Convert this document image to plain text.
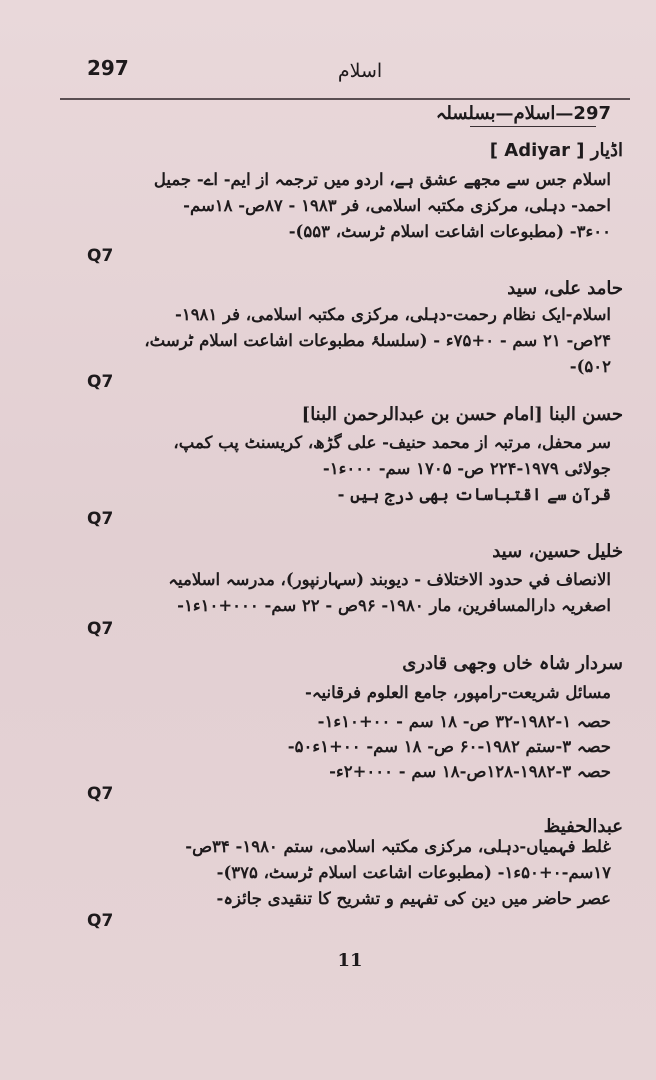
297	اسلام
297—اسلام—بسلسلہ
اڈیار [ Adiyar ]
اسلام جس سے مجھے عشق ہے، اردو میں ترجمہ از ایم- اے- جمیل
احمد- دہلی، مرکزی مکتبہ اسلامی، فر ۱۹۸۳ - ۸۷ص- ۱۸سم-
۰۰ء۳- (مطبوعات اشاعت اسلام ٹرسٹ، ۵۵۳)-
Q7
حامد علی، سید
اسلام-ایک نظام رحمت-دہلی، مرکزی مکتبہ اسلامی، فر ۱۹۸۱-
۲۴ص- ۲۱ سم - ۰+۷۵ء - (سلسلۂ مطبوعات اشاعت اسلام ٹرسٹ،
۵۰۲)-
Q7
حسن البنا [امام حسن بن عبدالرحمن البنا]
سر محفل، مرتبہ از محمد حنیف- علی گڑھ، کریسنٹ پب کمپ،
جولائی ۱۹۷۹-۲۲۴ ص- ۱۷۰۵ سم- ۰۰۰ء۱-
قرآن سے اقتباسات بھی درج ہیں -
Q7
خلیل حسین، سید
الانصاف في حدود الاختلاف - دیوبند (سہارنپور)، مدرسہ اسلامیہ
اصغریہ دارالمسافرین، مار ۱۹۸۰- ۹۶ص - ۲۲ سم- ۰۰۰+۱۰ء۱-
Q7
سردار شاہ خاں وجھی قادری
مسائل شریعت-رامپور، جامع العلوم فرقانیہ-
حصہ ۱-۱۹۸۲-۳۲ ص- ۱۸ سم - ۰۰+۱۰ء۱-
حصہ ۳-ستم ۱۹۸۲-۶۰ ص- ۱۸ سم- ۰۰+۱ء۵۰-
حصہ ۳-۱۹۸۲-۱۲۸ص-۱۸ سم - ۰۰۰+۲ء-
Q7
عبدالحفیظ
غلط فہمیاں-دہلی، مرکزی مکتبہ اسلامی، ستم ۱۹۸۰- ۳۴ص-
۱۷سم-۰+۵۰ء۱- (مطبوعات اشاعت اسلام ٹرسٹ، ۳۷۵)-
عصر حاضر میں دین کی تفہیم و تشریح کا تنقیدی جائزہ-
Q7
11
